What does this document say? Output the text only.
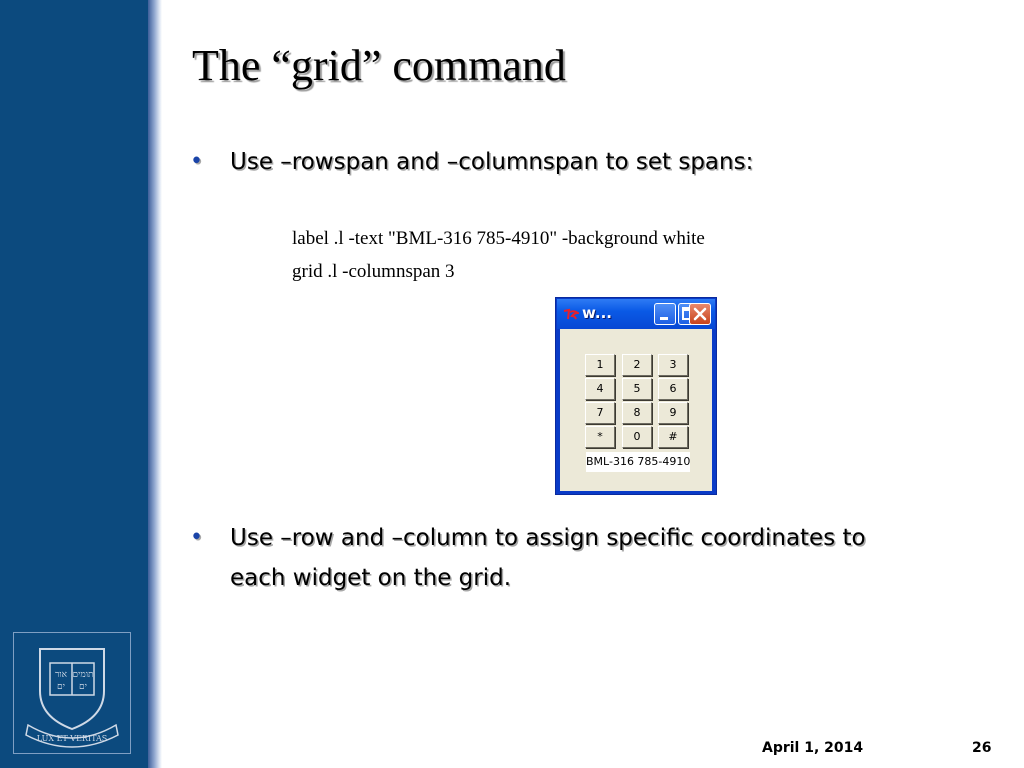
אור תומים
ים ים
LUX ET VERITAS
The “grid” command
•	Use –rowspan and –columnspan to set spans:
label .l -text "BML-316 785-4910" -background white
grid .l -columnspan 3
w...
1	2	3
4	5	6
7	8	9
*	0	#
BML-316 785-4910
•	Use –row and –column to assign specific coordinates to each widget on the grid.
April 1, 2014	26
